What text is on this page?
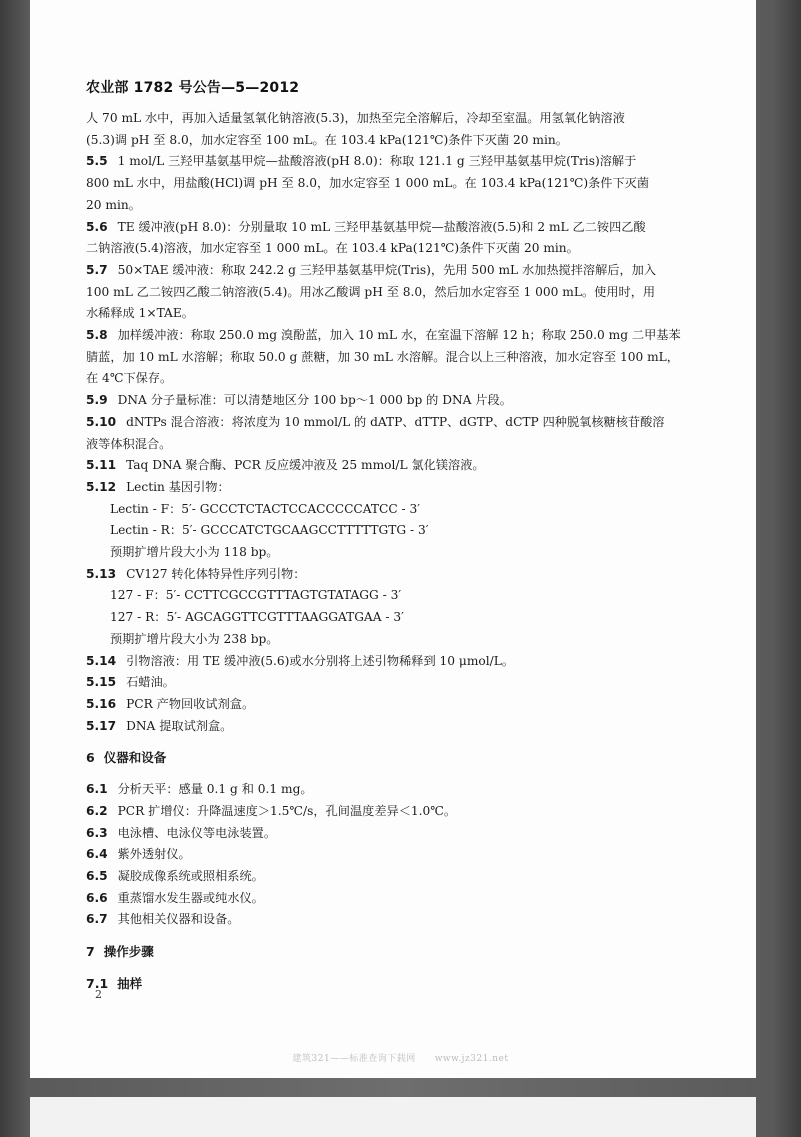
农业部 1782 号公告—5—2012
人 70 mL 水中，再加入适量氢氧化钠溶液(5.3)，加热至完全溶解后，冷却至室温。用氢氧化钠溶液
(5.3)调 pH 至 8.0，加水定容至 100 mL。在 103.4 kPa(121℃)条件下灭菌 20 min。
5.5 1 mol/L 三羟甲基氨基甲烷—盐酸溶液(pH 8.0)：称取 121.1 g 三羟甲基氨基甲烷(Tris)溶解于
800 mL 水中，用盐酸(HCl)调 pH 至 8.0，加水定容至 1 000 mL。在 103.4 kPa(121℃)条件下灭菌
20 min。
5.6 TE 缓冲液(pH 8.0)：分别量取 10 mL 三羟甲基氨基甲烷—盐酸溶液(5.5)和 2 mL 乙二铵四乙酸
二钠溶液(5.4)溶液，加水定容至 1 000 mL。在 103.4 kPa(121℃)条件下灭菌 20 min。
5.7 50×TAE 缓冲液：称取 242.2 g 三羟甲基氨基甲烷(Tris)，先用 500 mL 水加热搅拌溶解后，加入
100 mL 乙二铵四乙酸二钠溶液(5.4)。用冰乙酸调 pH 至 8.0，然后加水定容至 1 000 mL。使用时，用
水稀释成 1×TAE。
5.8 加样缓冲液：称取 250.0 mg 溴酚蓝，加入 10 mL 水，在室温下溶解 12 h；称取 250.0 mg 二甲基苯
腈蓝，加 10 mL 水溶解；称取 50.0 g 蔗糖，加 30 mL 水溶解。混合以上三种溶液，加水定容至 100 mL，
在 4℃下保存。
5.9 DNA 分子量标准：可以清楚地区分 100 bp～1 000 bp 的 DNA 片段。
5.10 dNTPs 混合溶液：将浓度为 10 mmol/L 的 dATP、dTTP、dGTP、dCTP 四种脱氧核糖核苷酸溶
液等体积混合。
5.11 Taq DNA 聚合酶、PCR 反应缓冲液及 25 mmol/L 氯化镁溶液。
5.12 Lectin 基因引物：
Lectin - F：5′- GCCCTCTACTCCACCCCCATCC - 3′
Lectin - R：5′- GCCCATCTGCAAGCCTTTTTGTG - 3′
预期扩增片段大小为 118 bp。
5.13 CV127 转化体特异性序列引物：
127 - F：5′- CCTTCGCCGTTTAGTGTATAGG - 3′
127 - R：5′- AGCAGGTTCGTTTAAGGATGAA - 3′
预期扩增片段大小为 238 bp。
5.14 引物溶液：用 TE 缓冲液(5.6)或水分别将上述引物稀释到 10 μmol/L。
5.15 石蜡油。
5.16 PCR 产物回收试剂盒。
5.17 DNA 提取试剂盒。
6 仪器和设备
6.1 分析天平：感量 0.1 g 和 0.1 mg。
6.2 PCR 扩增仪：升降温速度＞1.5℃/s，孔间温度差异＜1.0℃。
6.3 电泳槽、电泳仪等电泳装置。
6.4 紫外透射仪。
6.5 凝胶成像系统或照相系统。
6.6 重蒸馏水发生器或纯水仪。
6.7 其他相关仪器和设备。
7 操作步骤
7.1 抽样
2
建筑321——标准查询下载网　　www.jz321.net
